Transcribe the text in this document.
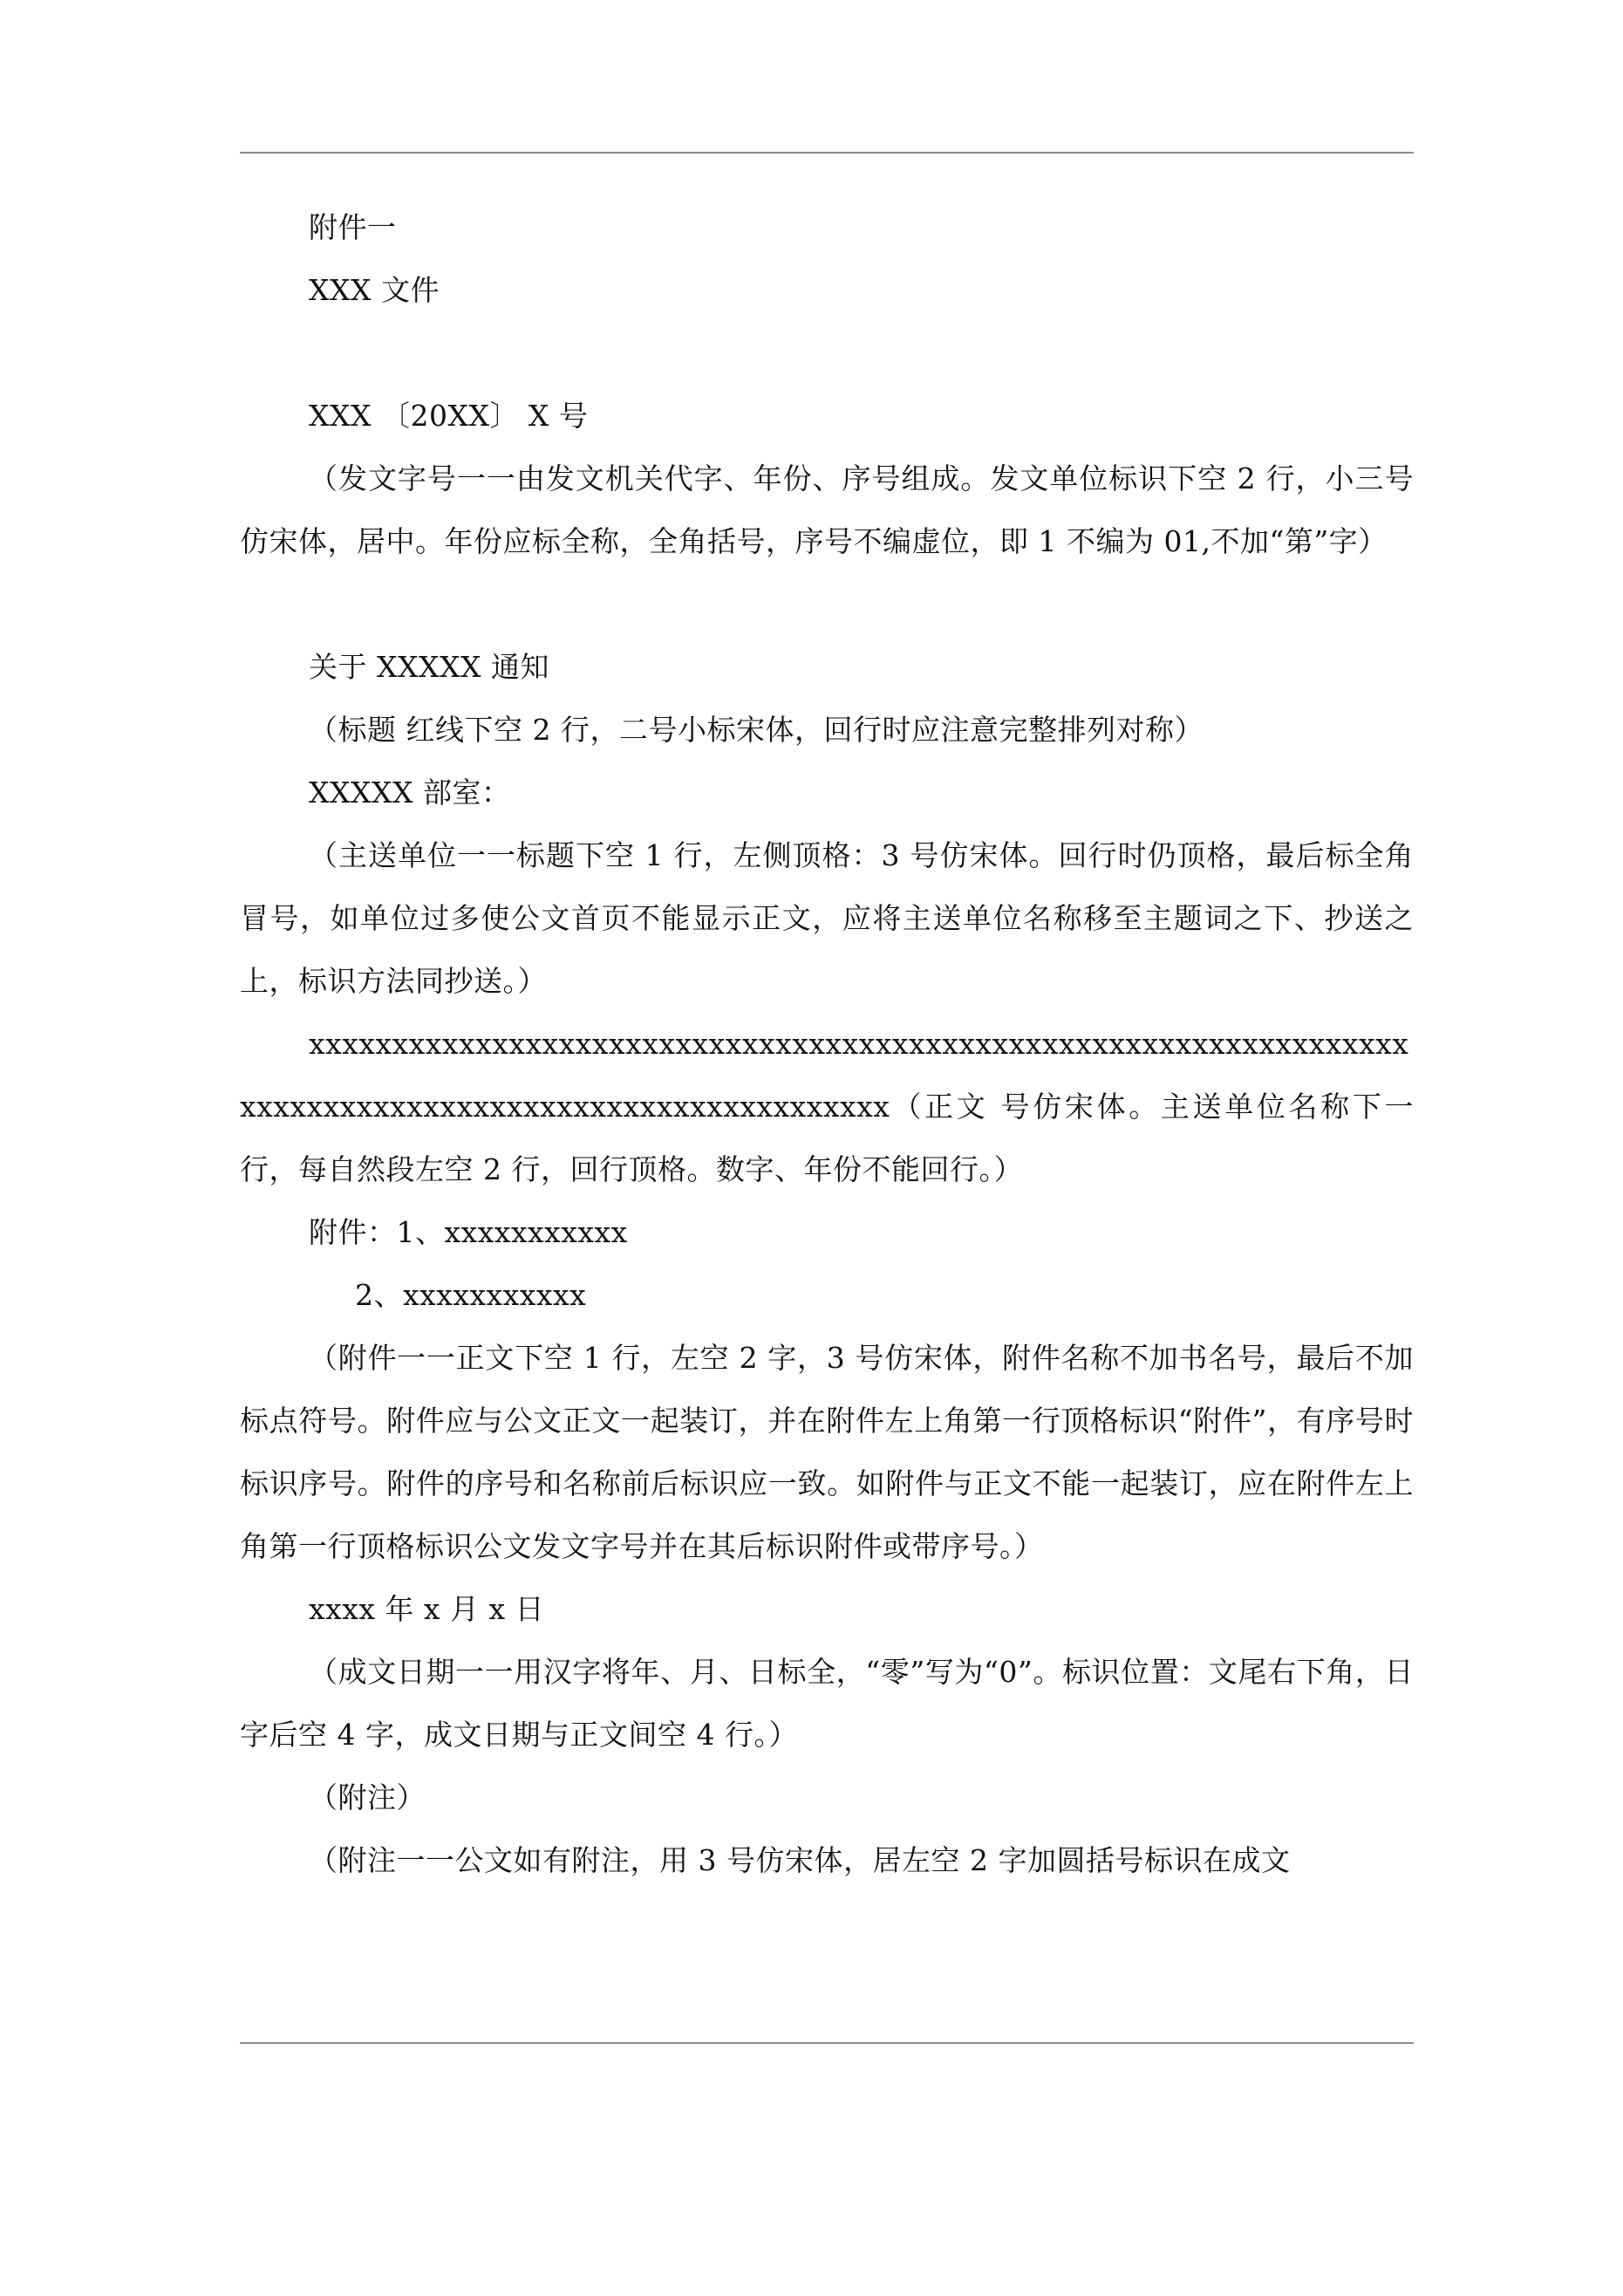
附件一

XXX 文件

XXX 〔20XX〕 X 号

（发文字号一一由发文机关代字、年份、序号组成。发文单位标识下空 2 行，小三号仿宋体，居中。年份应标全称，全角括号，序号不编虚位，即 1 不编为 01,不加“第”字）

关于 XXXXX 通知

（标题 红线下空 2 行，二号小标宋体，回行时应注意完整排列对称）

XXXXX 部室：

（主送单位一一标题下空 1 行，左侧顶格：3 号仿宋体。回行时仍顶格，最后标全角冒号，如单位过多使公文首页不能显示正文，应将主送单位名称移至主题词之下、抄送之上，标识方法同抄送。）

xxxxxxxxxxxxxxxxxxxxxxxxxxxxxxxxxxxxxxxxxxxxxxxxxxxxxxxxxxxxxxxxxxxxxxxxxxxxxxxxxxxxxxxxxxxxxxxxxxxxxxxxx（正文 号仿宋体。主送单位名称下一行，每自然段左空 2 行，回行顶格。数字、年份不能回行。）

附件：1、xxxxxxxxxxx

2、xxxxxxxxxxx

（附件一一正文下空 1 行，左空 2 字，3 号仿宋体，附件名称不加书名号，最后不加标点符号。附件应与公文正文一起装订，并在附件左上角第一行顶格标识“附件”，有序号时标识序号。附件的序号和名称前后标识应一致。如附件与正文不能一起装订，应在附件左上角第一行顶格标识公文发文字号并在其后标识附件或带序号。）

xxxx 年 x 月 x 日

（成文日期一一用汉字将年、月、日标全，“零”写为“0”。标识位置：文尾右下角，日字后空 4 字，成文日期与正文间空 4 行。）

（附注）

（附注一一公文如有附注，用 3 号仿宋体，居左空 2 字加圆括号标识在成文
